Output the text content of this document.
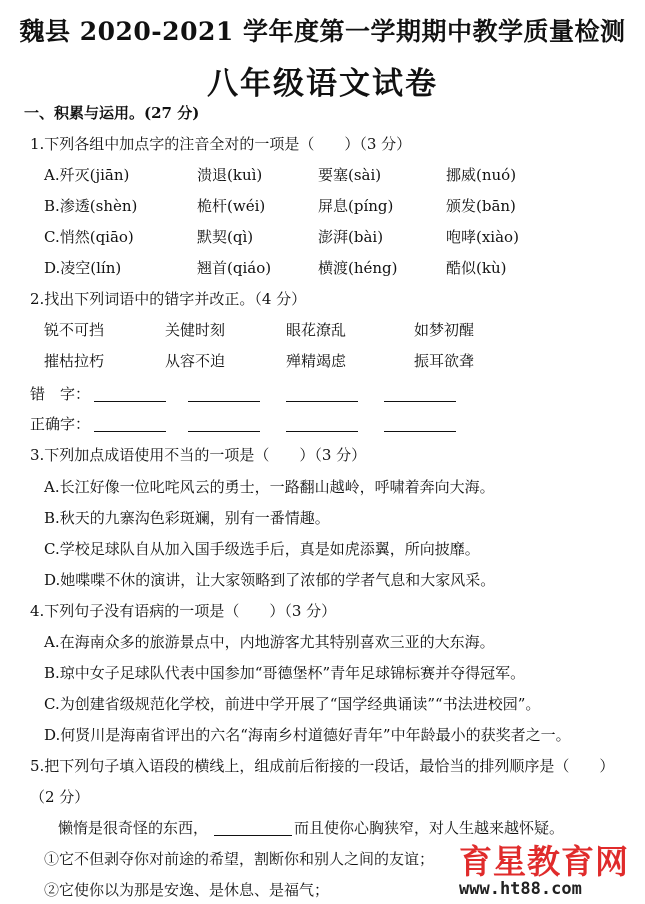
魏县 2020-2021 学年度第一学期期中教学质量检测
八年级语文试卷
一、积累与运用。(27 分)
1.下列各组中加点字的注音全对的一项是（　　）（3 分）
A.歼灭(jiān)	溃退(kuì)	要塞(sài)	挪威(nuó)
B.渗透(shèn)	桅杆(wéi)	屏息(píng)	颁发(bān)
C.悄然(qiāo)	默契(qì)	澎湃(bài)	咆哮(xiào)
D.凌空(lín)	翘首(qiáo)	横渡(héng)	酷似(kù)
2.找出下列词语中的错字并改正。（4 分）
锐不可挡	关健时刻	眼花潦乱	如梦初醒
摧枯拉朽	从容不迫	殚精竭虑	振耳欲聋
错　字：
正确字：
3.下列加点成语使用不当的一项是（　　）（3 分）
A.长江好像一位叱咤风云的勇士，一路翻山越岭，呼啸着奔向大海。
B.秋天的九寨沟色彩斑斓，别有一番情趣。
C.学校足球队自从加入国手级选手后，真是如虎添翼，所向披靡。
D.她喋喋不休的演讲，让大家领略到了浓郁的学者气息和大家风采。
4.下列句子没有语病的一项是（　　）（3 分）
A.在海南众多的旅游景点中，内地游客尤其特别喜欢三亚的大东海。
B.琼中女子足球队代表中国参加“哥德堡杯”青年足球锦标赛并夺得冠军。
C.为创建省级规范化学校，前进中学开展了“国学经典诵读”“书法进校园”。
D.何贤川是海南省评出的六名“海南乡村道德好青年”中年龄最小的获奖者之一。
5.把下列句子填入语段的横线上，组成前后衔接的一段话，最恰当的排列顺序是（　　）
（2 分）
懒惰是很奇怪的东西，	而且使你心胸狭窄，对人生越来越怀疑。
①它不但剥夺你对前途的希望，割断你和别人之间的友谊；
②它使你以为那是安逸、是休息、是福气；
育星教育网
www.ht88.com
